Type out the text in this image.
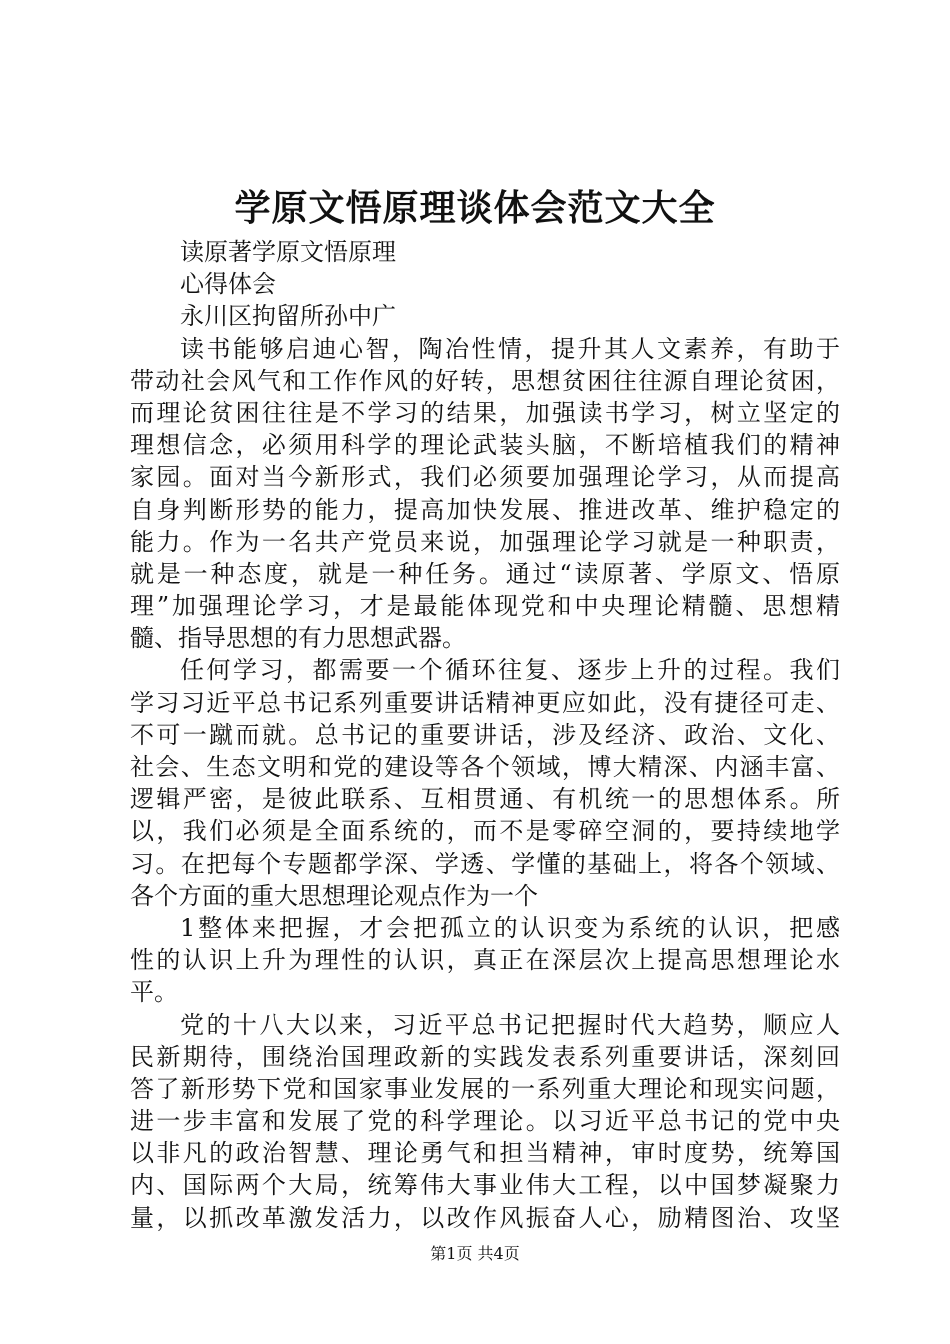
学原文悟原理谈体会范文大全
读原著学原文悟原理
心得体会
永川区拘留所孙中广
读书能够启迪心智，陶冶性情，提升其人文素养，有助于
带动社会风气和工作作风的好转，思想贫困往往源自理论贫困，
而理论贫困往往是不学习的结果，加强读书学习，树立坚定的
理想信念，必须用科学的理论武装头脑，不断培植我们的精神
家园。面对当今新形式，我们必须要加强理论学习，从而提高
自身判断形势的能力，提高加快发展、推进改革、维护稳定的
能力。作为一名共产党员来说，加强理论学习就是一种职责，
就是一种态度，就是一种任务。通过“读原著、学原文、悟原
理”加强理论学习，才是最能体现党和中央理论精髓、思想精
髓、指导思想的有力思想武器。
任何学习，都需要一个循环往复、逐步上升的过程。我们
学习习近平总书记系列重要讲话精神更应如此，没有捷径可走、
不可一蹴而就。总书记的重要讲话，涉及经济、政治、文化、
社会、生态文明和党的建设等各个领域，博大精深、内涵丰富、
逻辑严密，是彼此联系、互相贯通、有机统一的思想体系。所
以，我们必须是全面系统的，而不是零碎空洞的，要持续地学
习。在把每个专题都学深、学透、学懂的基础上，将各个领域、
各个方面的重大思想理论观点作为一个
1整体来把握，才会把孤立的认识变为系统的认识，把感
性的认识上升为理性的认识，真正在深层次上提高思想理论水
平。
党的十八大以来，习近平总书记把握时代大趋势，顺应人
民新期待，围绕治国理政新的实践发表系列重要讲话，深刻回
答了新形势下党和国家事业发展的一系列重大理论和现实问题，
进一步丰富和发展了党的科学理论。以习近平总书记的党中央
以非凡的政治智慧、理论勇气和担当精神，审时度势，统筹国
内、国际两个大局，统筹伟大事业伟大工程，以中国梦凝聚力
量，以抓改革激发活力，以改作风振奋人心，励精图治、攻坚
第1页 共4页
